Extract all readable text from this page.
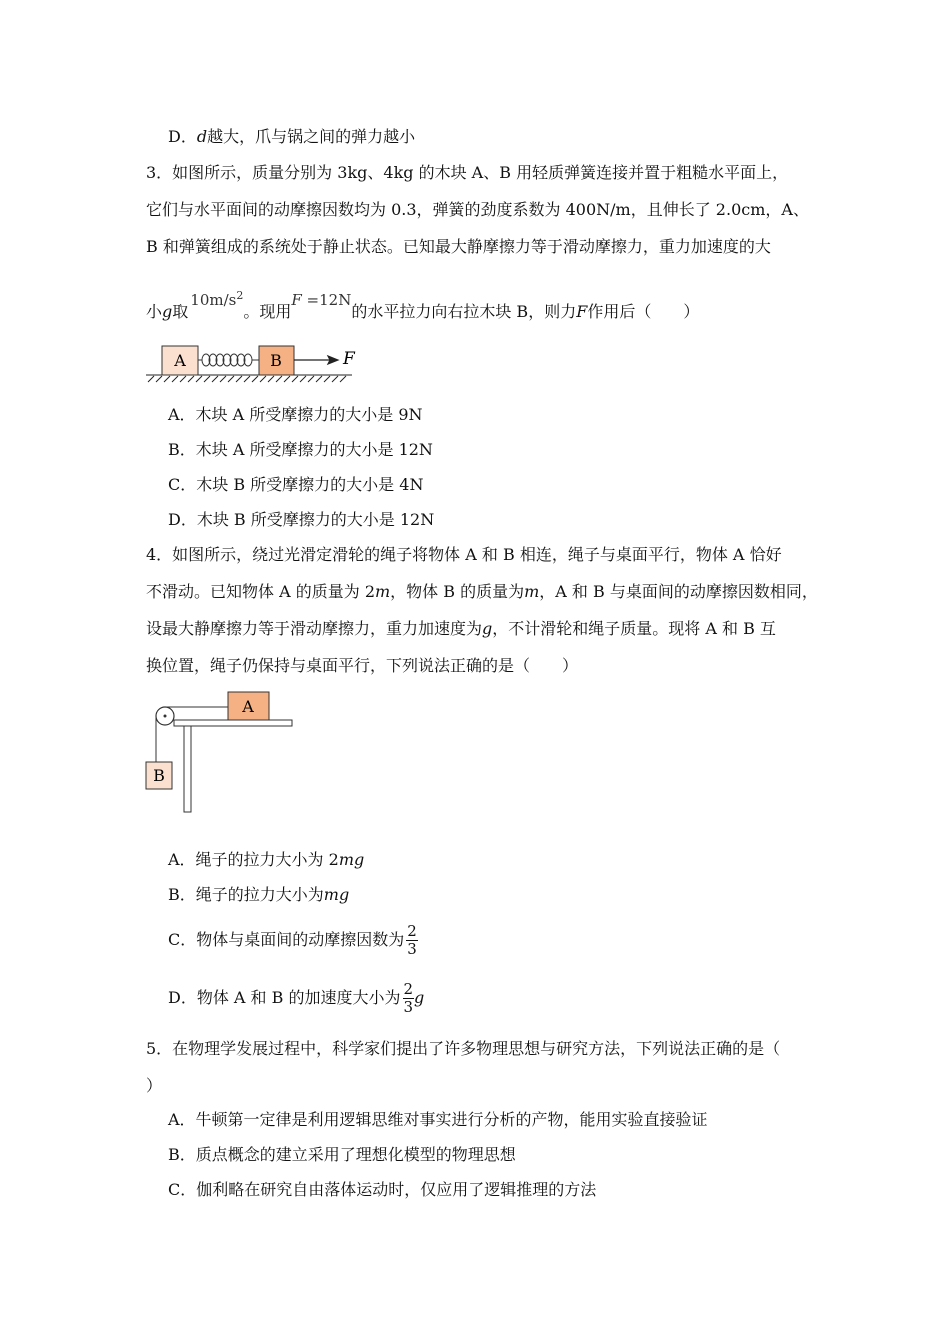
D．d越大，爪与锅之间的弹力越小
3．如图所示，质量分别为 3kg、4kg 的木块 A、B 用轻质弹簧连接并置于粗糙水平面上，
它们与水平面间的动摩擦因数均为 0.3，弹簧的劲度系数为 400N/m，且伸长了 2.0cm，A、
B 和弹簧组成的系统处于静止状态。已知最大静摩擦力等于滑动摩擦力，重力加速度的大
小g取$10m/s^2$。现用F =12N的水平拉力向右拉木块 B，则力F作用后（　　）
A	B	F
A．木块 A 所受摩擦力的大小是 9N
B．木块 A 所受摩擦力的大小是 12N
C．木块 B 所受摩擦力的大小是 4N
D．木块 B 所受摩擦力的大小是 12N
4．如图所示，绕过光滑定滑轮的绳子将物体 A 和 B 相连，绳子与桌面平行，物体 A 恰好
不滑动。已知物体 A 的质量为 2m，物体 B 的质量为m，A 和 B 与桌面间的动摩擦因数相同，
设最大静摩擦力等于滑动摩擦力，重力加速度为g，不计滑轮和绳子质量。现将 A 和 B 互
换位置，绳子仍保持与桌面平行，下列说法正确的是（　　）
A
B
A．绳子的拉力大小为 2mg
B．绳子的拉力大小为mg
C．物体与桌面间的动摩擦因数为 $\frac{2}{3}$
D．物体 A 和 B 的加速度大小为 $\frac{2}{3}$ g
5．在物理学发展过程中，科学家们提出了许多物理思想与研究方法，下列说法正确的是（
）
A．牛顿第一定律是利用逻辑思维对事实进行分析的产物，能用实验直接验证
B．质点概念的建立采用了理想化模型的物理思想
C．伽利略在研究自由落体运动时，仅应用了逻辑推理的方法
